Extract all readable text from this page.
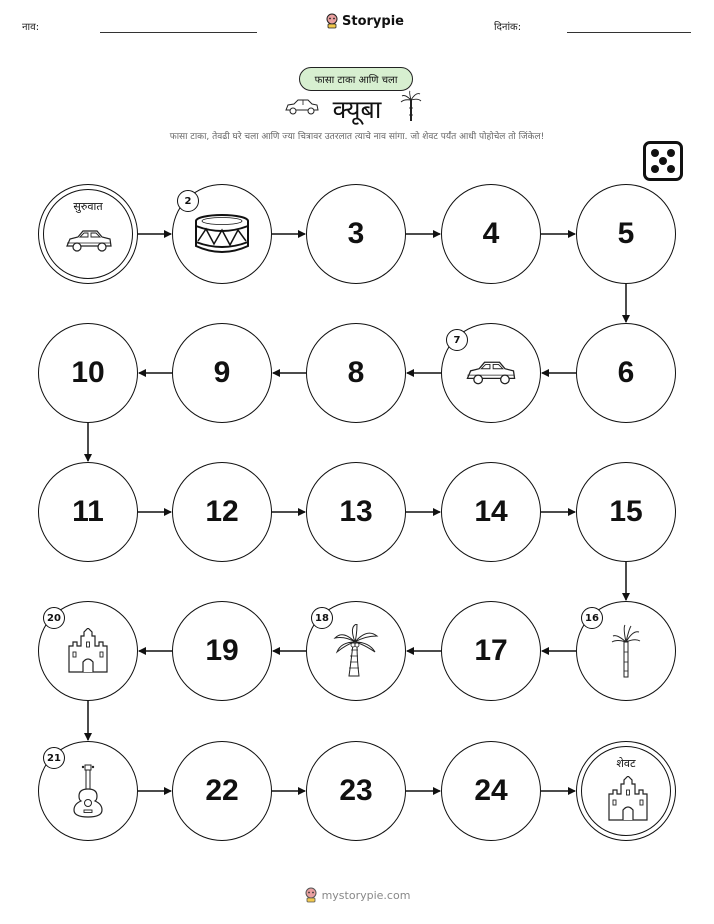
नाव:	Storypie	दिनांक:
फासा टाका आणि चला
क्यूबा
फासा टाका, तेवढी घरे चला आणि ज्या चित्रावर उतरलात त्याचे नाव सांगा. जो शेवट पर्यंत आधी पोहोचेल तो जिंकेल!
सुरुवात
शेवट
2
3	4	5
6
7
8
9
10
11	12	13	14	15
16
17
18
19
20
21
22	23	24
mystorypie.com
